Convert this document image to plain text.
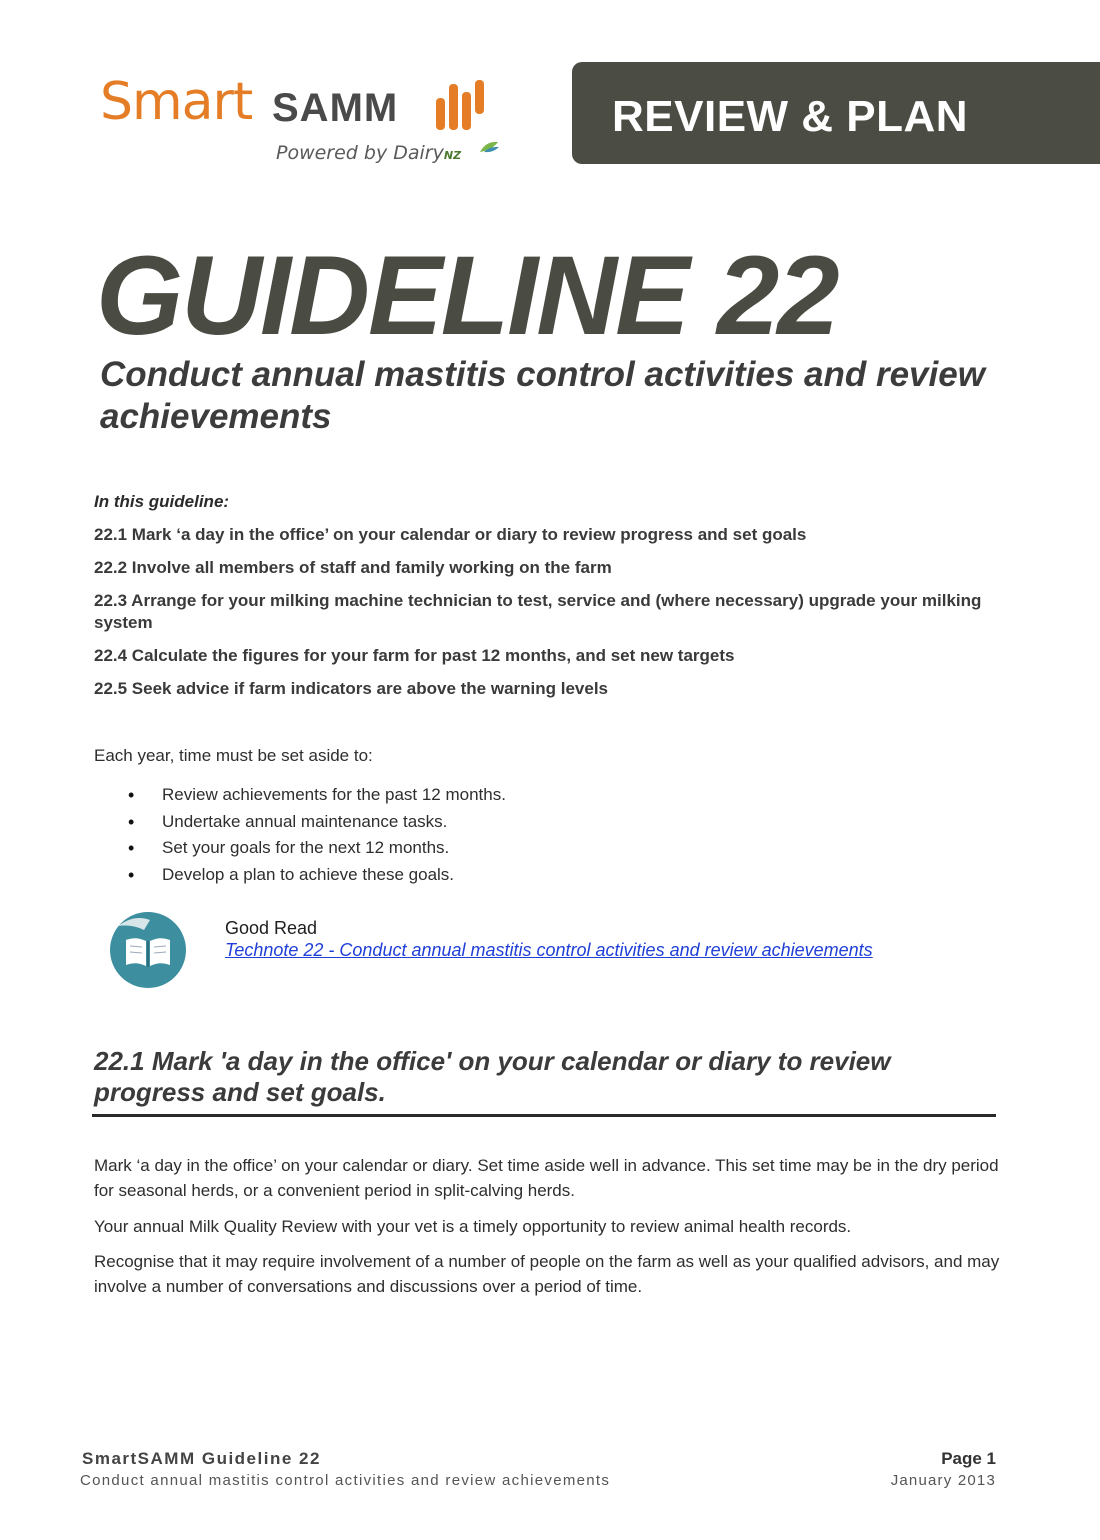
Smart SAMM
Powered by DairyNZ
REVIEW & PLAN
GUIDELINE 22
Conduct annual mastitis control activities and review achievements
In this guideline:
22.1 Mark ‘a day in the office’ on your calendar or diary to review progress and set goals
22.2 Involve all members of staff and family working on the farm
22.3 Arrange for your milking machine technician to test, service and (where necessary) upgrade your milking system
22.4 Calculate the figures for your farm for past 12 months, and set new targets
22.5 Seek advice if farm indicators are above the warning levels
Each year, time must be set aside to:
• Review achievements for the past 12 months.
• Undertake annual maintenance tasks.
• Set your goals for the next 12 months.
• Develop a plan to achieve these goals.
Good Read
Technote 22 - Conduct annual mastitis control activities and review achievements
22.1 Mark 'a day in the office' on your calendar or diary to review progress and set goals.

Mark ‘a day in the office’ on your calendar or diary. Set time aside well in advance. This set time may be in the dry period for seasonal herds, or a convenient period in split-calving herds.

Your annual Milk Quality Review with your vet is a timely opportunity to review animal health records.

Recognise that it may require involvement of a number of people on the farm as well as your qualified advisors, and may involve a number of conversations and discussions over a period of time.

SmartSAMM Guideline 22
Conduct annual mastitis control activities and review achievements
Page 1
January 2013
